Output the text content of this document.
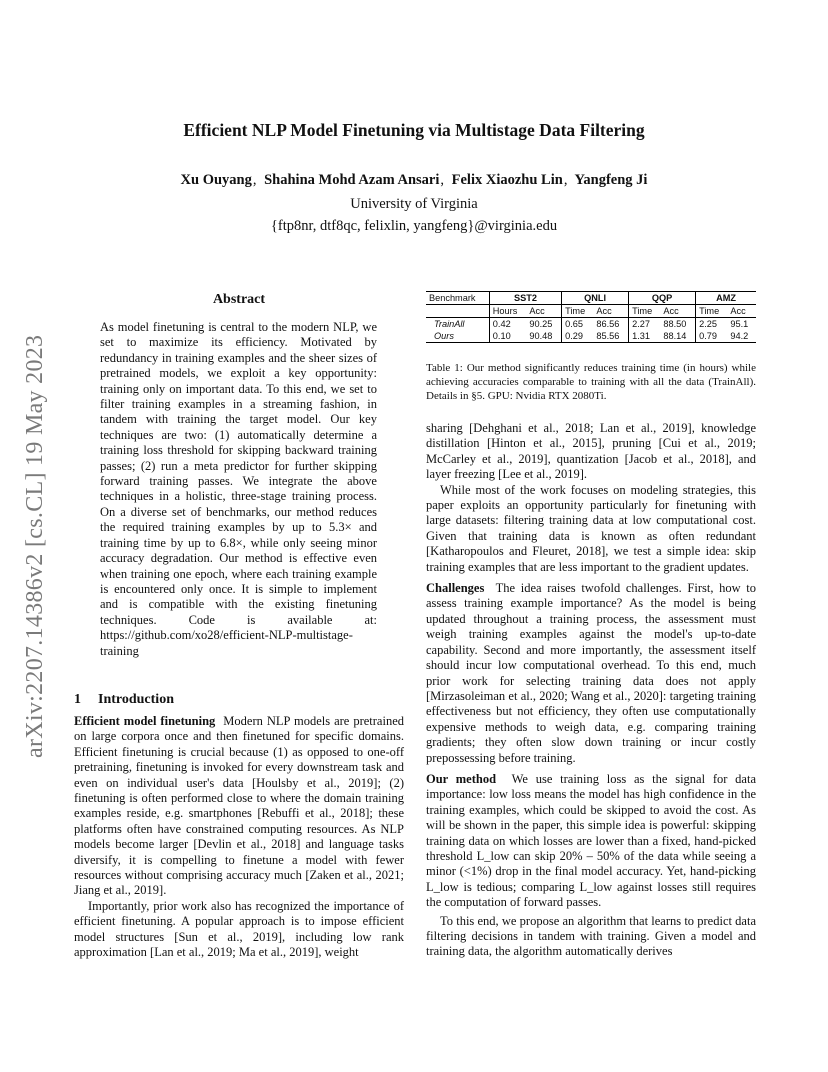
Efficient NLP Model Finetuning via Multistage Data Filtering
Xu Ouyang, Shahina Mohd Azam Ansari, Felix Xiaozhu Lin, Yangfeng Ji
University of Virginia
{ftp8nr, dtf8qc, felixlin, yangfeng}@virginia.edu
arXiv:2207.14386v2 [cs.CL] 19 May 2023
Abstract

As model finetuning is central to the modern NLP, we set to maximize its efficiency. Motivated by redundancy in training examples and the sheer sizes of pretrained models, we exploit a key opportunity: training only on important data. To this end, we set to filter training examples in a streaming fashion, in tandem with training the target model. Our key techniques are two: (1) automatically determine a training loss threshold for skipping backward training passes; (2) run a meta predictor for further skipping forward training passes. We integrate the above techniques in a holistic, three-stage training process. On a diverse set of benchmarks, our method reduces the required training examples by up to 5.3× and training time by up to 6.8×, while only seeing minor accuracy degradation. Our method is effective even when training one epoch, where each training example is encountered only once. It is simple to implement and is compatible with the existing finetuning techniques. Code is available at: https://github.com/xo28/efficient-NLP-multistage-training

1 Introduction

Efficient model finetuning Modern NLP models are pretrained on large corpora once and then finetuned for specific domains. Efficient finetuning is crucial because (1) as opposed to one-off pretraining, finetuning is invoked for every downstream task and even on individual user's data [Houlsby et al., 2019]; (2) finetuning is often performed close to where the domain training examples reside, e.g. smartphones [Rebuffi et al., 2018]; these platforms often have constrained computing resources. As NLP models become larger [Devlin et al., 2018] and language tasks diversify, it is compelling to finetune a model with fewer resources without comprising accuracy much [Zaken et al., 2021; Jiang et al., 2019].

Importantly, prior work also has recognized the importance of efficient finetuning. A popular approach is to impose efficient model structures [Sun et al., 2019], including low rank approximation [Lan et al., 2019; Ma et al., 2019], weight

Benchmark	SST2		QNLI		QQP		AMZ	
	Hours	Acc	Time	Acc	Time	Acc	Time	Acc
TrainAll	0.42	90.25	0.65	86.56	2.27	88.50	2.25	95.1
Ours	0.10	90.48	0.29	85.56	1.31	88.14	0.79	94.2

Table 1: Our method significantly reduces training time (in hours) while achieving accuracies comparable to training with all the data (TrainAll). Details in §5. GPU: Nvidia RTX 2080Ti.

sharing [Dehghani et al., 2018; Lan et al., 2019], knowledge distillation [Hinton et al., 2015], pruning [Cui et al., 2019; McCarley et al., 2019], quantization [Jacob et al., 2018], and layer freezing [Lee et al., 2019].

While most of the work focuses on modeling strategies, this paper exploits an opportunity particularly for finetuning with large datasets: filtering training data at low computational cost. Given that training data is known as often redundant [Katharopoulos and Fleuret, 2018], we test a simple idea: skip training examples that are less important to the gradient updates.

Challenges The idea raises twofold challenges. First, how to assess training example importance? As the model is being updated throughout a training process, the assessment must weigh training examples against the model's up-to-date capability. Second and more importantly, the assessment itself should incur low computational overhead. To this end, much prior work for selecting training data does not apply [Mirzasoleiman et al., 2020; Wang et al., 2020]: targeting training effectiveness but not efficiency, they often use computationally expensive methods to weigh data, e.g. comparing training gradients; they often slow down training or incur costly prepossessing before training.

Our method We use training loss as the signal for data importance: low loss means the model has high confidence in the training examples, which could be skipped to avoid the cost. As will be shown in the paper, this simple idea is powerful: skipping training data on which losses are lower than a fixed, hand-picked threshold L_low can skip 20% – 50% of the data while seeing a minor (<1%) drop in the final model accuracy. Yet, hand-picking L_low is tedious; comparing L_low against losses still requires the computation of forward passes.

To this end, we propose an algorithm that learns to predict data filtering decisions in tandem with training. Given a model and training data, the algorithm automatically derives
